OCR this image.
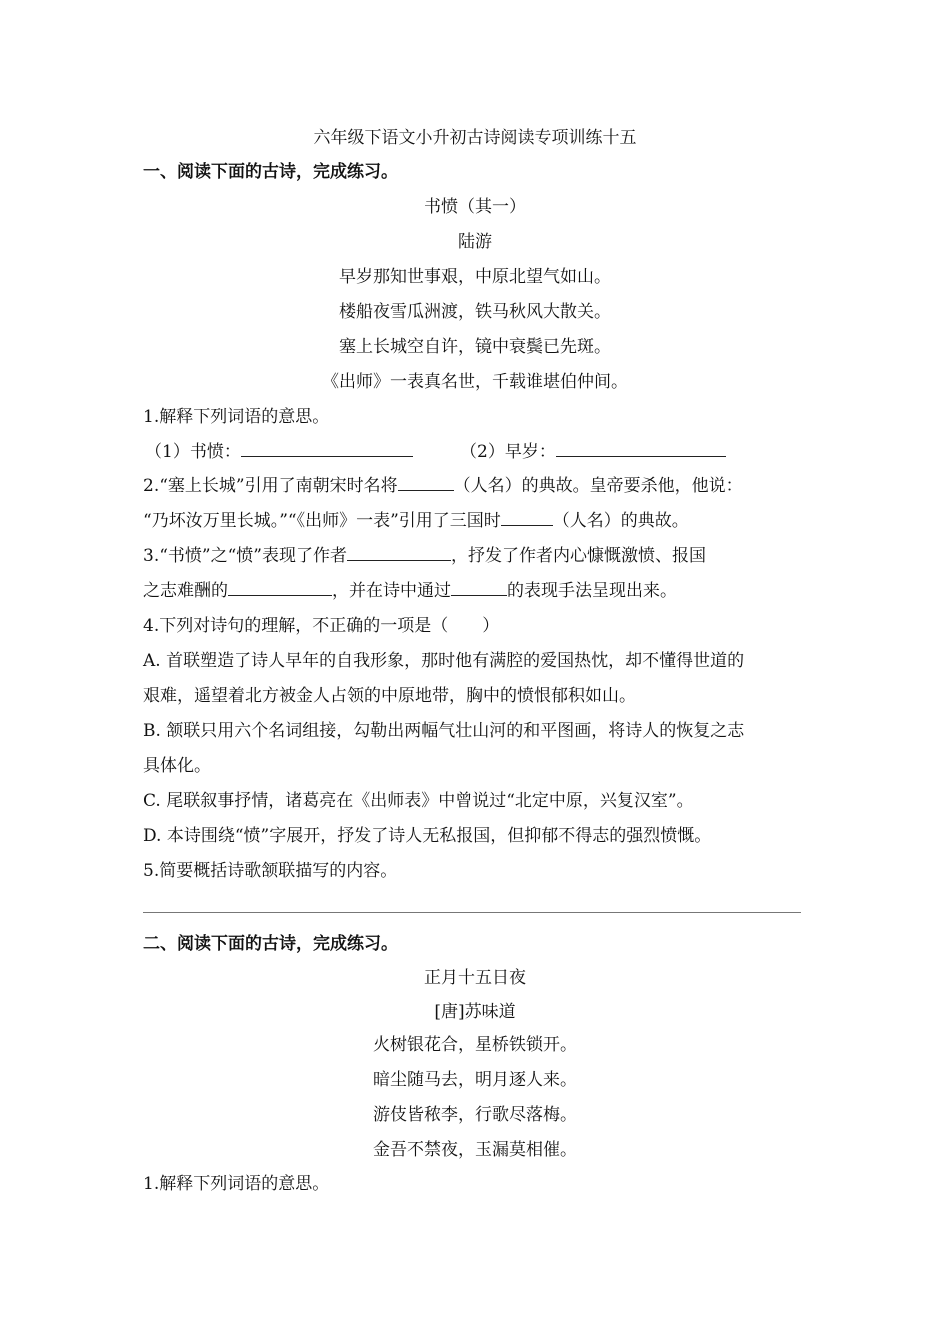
六年级下语文小升初古诗阅读专项训练十五
一、阅读下面的古诗，完成练习。
书愤（其一）
陆游
早岁那知世事艰，中原北望气如山。
楼船夜雪瓜洲渡，铁马秋风大散关。
塞上长城空自许，镜中衰鬓已先斑。
《出师》一表真名世，千载谁堪伯仲间。
1.解释下列词语的意思。
（1）书愤：	（2）早岁：
2.“塞上长城”引用了南朝宋时名将	（人名）的典故。皇帝要杀他，他说：
“乃坏汝万里长城。”“《出师》一表”引用了三国时	（人名）的典故。
3.“书愤”之“愤”表现了作者	，抒发了作者内心慷慨激愤、报国
之志难酬的	，并在诗中通过	的表现手法呈现出来。
4.下列对诗句的理解，不正确的一项是（　　）
A. 首联塑造了诗人早年的自我形象，那时他有满腔的爱国热忱，却不懂得世道的
艰难，遥望着北方被金人占领的中原地带，胸中的愤恨郁积如山。
B. 颔联只用六个名词组接，勾勒出两幅气壮山河的和平图画，将诗人的恢复之志
具体化。
C. 尾联叙事抒情，诸葛亮在《出师表》中曾说过“北定中原，兴复汉室”。
D. 本诗围绕“愤”字展开，抒发了诗人无私报国，但抑郁不得志的强烈愤慨。
5.简要概括诗歌颔联描写的内容。
二、阅读下面的古诗，完成练习。
正月十五日夜
[唐]苏味道
火树银花合，星桥铁锁开。
暗尘随马去，明月逐人来。
游伎皆秾李，行歌尽落梅。
金吾不禁夜，玉漏莫相催。
1.解释下列词语的意思。
